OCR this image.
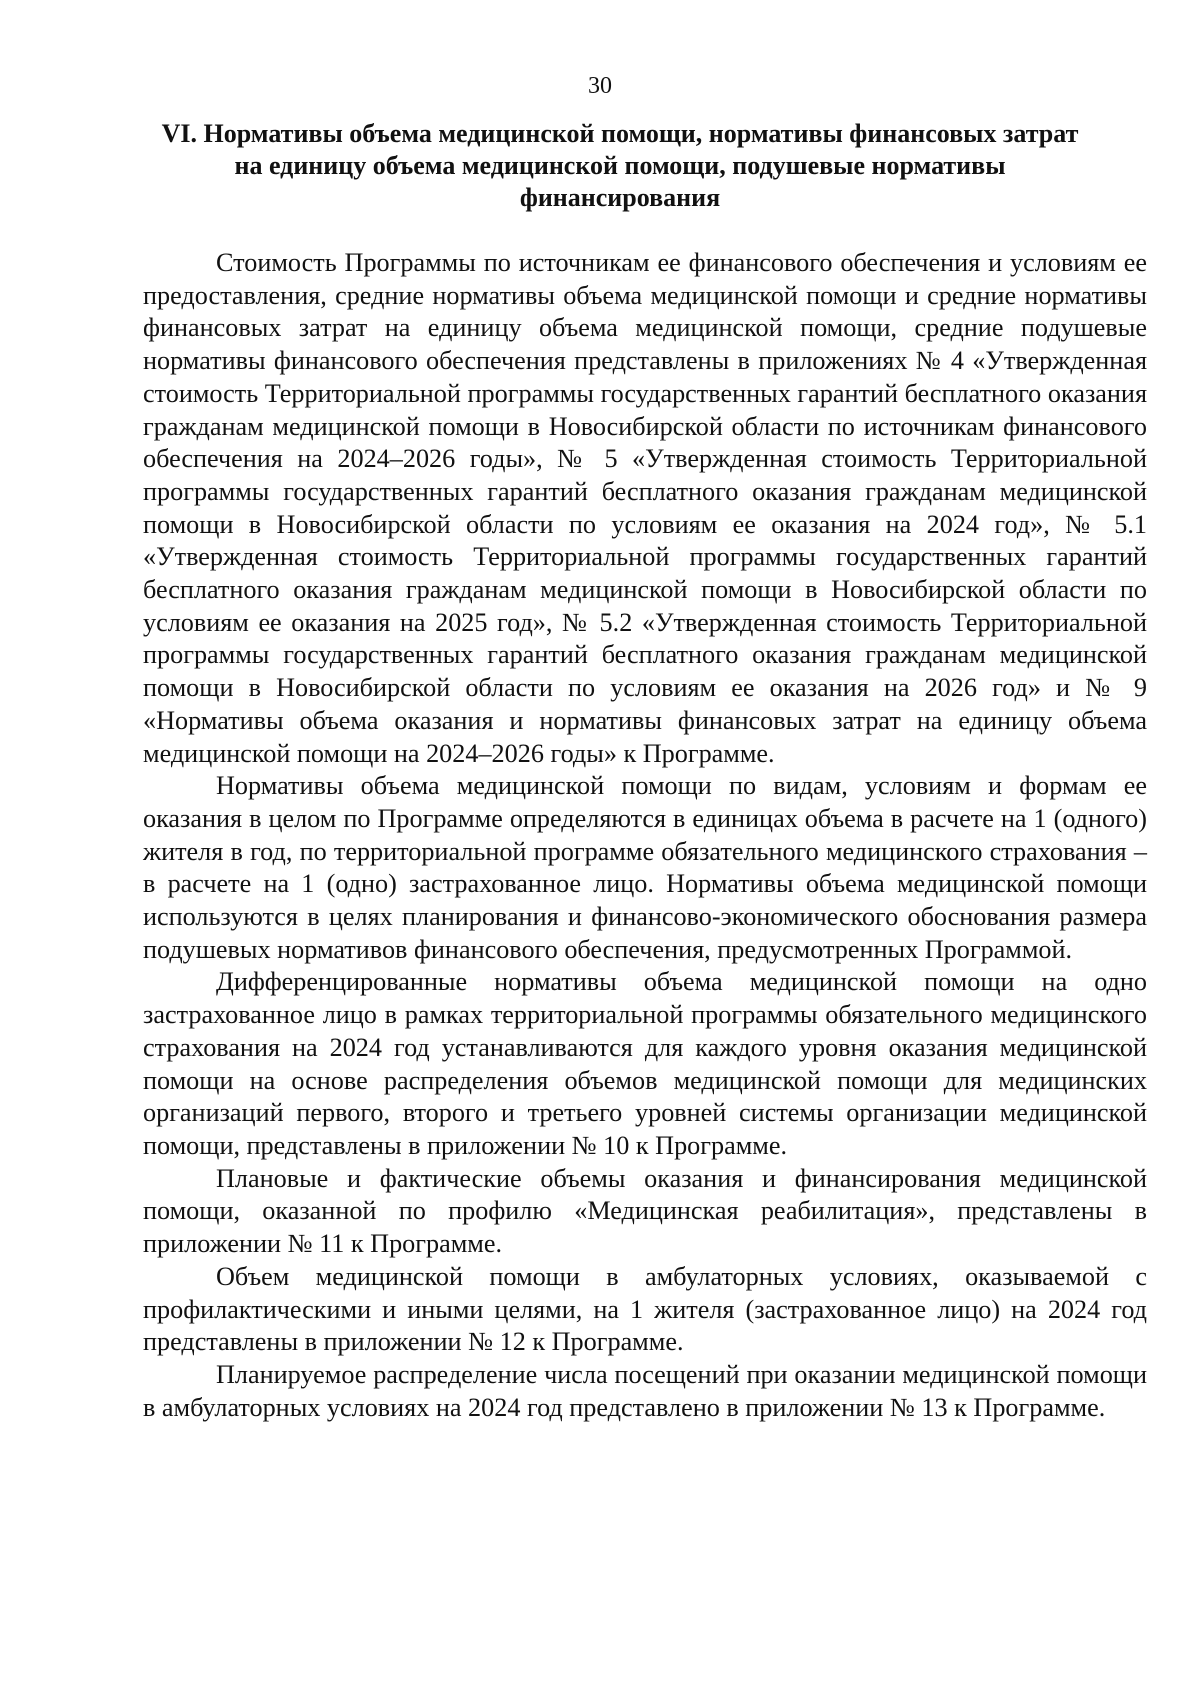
30
VI. Нормативы объема медицинской помощи, нормативы финансовых затрат на единицу объема медицинской помощи, подушевые нормативы финансирования

Стоимость Программы по источникам ее финансового обеспечения и условиям ее предоставления, средние нормативы объема медицинской помощи и средние нормативы финансовых затрат на единицу объема медицинской помощи, средние подушевые нормативы финансового обеспечения представлены в приложениях № 4 «Утвержденная стоимость Территориальной программы государственных гарантий бесплатного оказания гражданам медицинской помощи в Новосибирской области по источникам финансового обеспечения на 2024–2026 годы», № 5 «Утвержденная стоимость Территориальной программы государственных гарантий бесплатного оказания гражданам медицинской помощи в Новосибирской области по условиям ее оказания на 2024 год», № 5.1 «Утвержденная стоимость Территориальной программы государственных гарантий бесплатного оказания гражданам медицинской помощи в Новосибирской области по условиям ее оказания на 2025 год», № 5.2 «Утвержденная стоимость Территориальной программы государственных гарантий бесплатного оказания гражданам медицинской помощи в Новосибирской области по условиям ее оказания на 2026 год» и № 9 «Нормативы объема оказания и нормативы финансовых затрат на единицу объема медицинской помощи на 2024–2026 годы» к Программе.

Нормативы объема медицинской помощи по видам, условиям и формам ее оказания в целом по Программе определяются в единицах объема в расчете на 1 (одного) жителя в год, по территориальной программе обязательного медицинского страхования – в расчете на 1 (одно) застрахованное лицо. Нормативы объема медицинской помощи используются в целях планирования и финансово-экономического обоснования размера подушевых нормативов финансового обеспечения, предусмотренных Программой.

Дифференцированные нормативы объема медицинской помощи на одно застрахованное лицо в рамках территориальной программы обязательного медицинского страхования на 2024 год устанавливаются для каждого уровня оказания медицинской помощи на основе распределения объемов медицинской помощи для медицинских организаций первого, второго и третьего уровней системы организации медицинской помощи, представлены в приложении № 10 к Программе.

Плановые и фактические объемы оказания и финансирования медицинской помощи, оказанной по профилю «Медицинская реабилитация», представлены в приложении № 11 к Программе.

Объем медицинской помощи в амбулаторных условиях, оказываемой с профилактическими и иными целями, на 1 жителя (застрахованное лицо) на 2024 год представлены в приложении № 12 к Программе.

Планируемое распределение числа посещений при оказании медицинской помощи в амбулаторных условиях на 2024 год представлено в приложении № 13 к Программе.
